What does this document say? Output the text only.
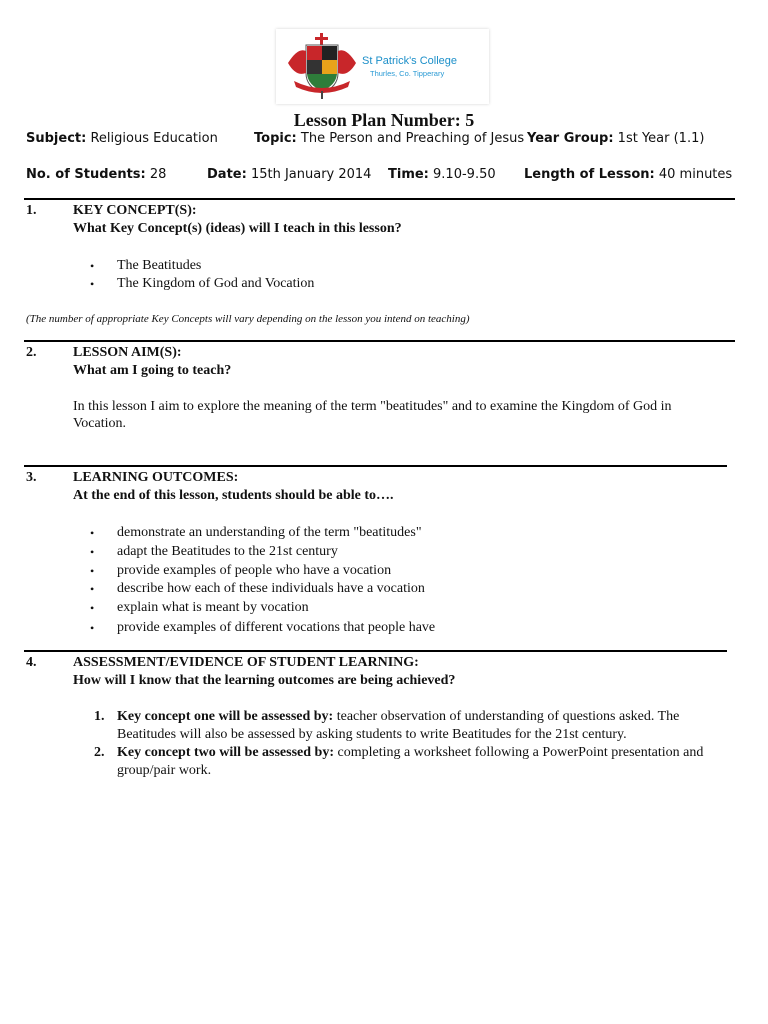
St Patrick's College
Thurles, Co. Tipperary
Lesson Plan Number: 5
Subject: Religious Education	Topic: The Person and Preaching of Jesus Year Group: 1st Year (1.1)
No. of Students: 28	Date: 15th January 2014 Time: 9.10-9.50 Length of Lesson: 40 minutes
1.	KEY CONCEPT(S):
What Key Concept(s) (ideas) will I teach in this lesson?
• The Beatitudes
• The Kingdom of God and Vocation
(The number of appropriate Key Concepts will vary depending on the lesson you intend on teaching)
2.	LESSON AIM(S):
What am I going to teach?
In this lesson I aim to explore the meaning of the term "beatitudes" and to examine the Kingdom of God in
Vocation.
3.	LEARNING OUTCOMES:
At the end of this lesson, students should be able to….
• demonstrate an understanding of the term "beatitudes"
• adapt the Beatitudes to the 21st century
• provide examples of people who have a vocation
• describe how each of these individuals have a vocation
• explain what is meant by vocation
• provide examples of different vocations that people have
4.	ASSESSMENT/EVIDENCE OF STUDENT LEARNING:
How will I know that the learning outcomes are being achieved?
1. Key concept one will be assessed by: teacher observation of understanding of questions asked. The Beatitudes will also be assessed by asking students to write Beatitudes for the 21st century.
2. Key concept two will be assessed by: completing a worksheet following a PowerPoint presentation and group/pair work.
